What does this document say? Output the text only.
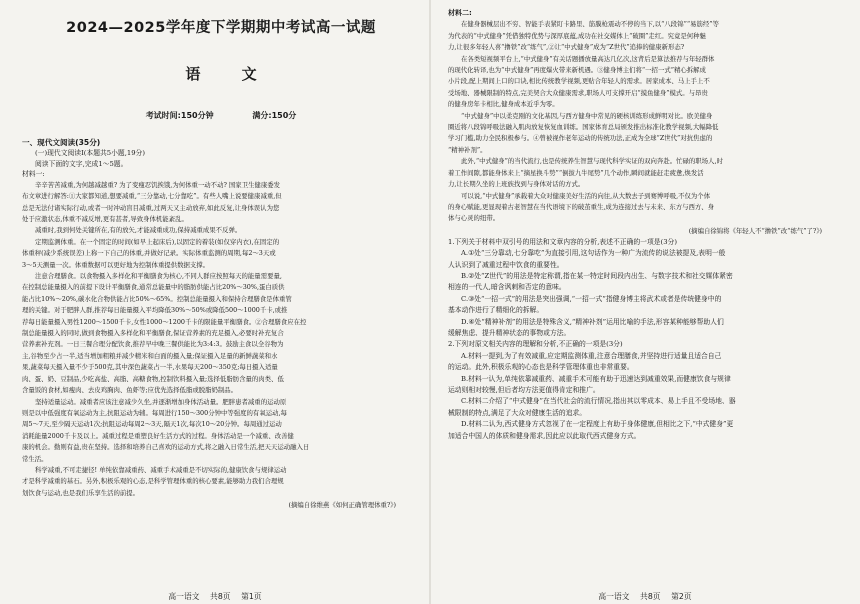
2024—2025学年度下学期期中考试高一试题
语 文
考试时间:150分钟	满分:150分
一、现代文阅读(35分)
(一)现代文阅读Ⅰ(本题共5小题,19分)
阅读下面的文字,完成1～5题。
材料一:
辛辛苦苦减重,为何越减越重? 为了变瘦忍饥挨饿,为何体重一动不动? 国家卫生健康委发
布文章进行解答:①大家都知道,想要减重,“三分靠动,七分靠吃”。有些人嘴上说要健康减重,但
总是无法付诸实际行动,或者一时冲动盲目减重,过两天又主动放弃,如此反复,让身体误认为您
处于应激状态,体重不减反增,更有甚者,导致身体机能紊乱。
减重时,我到何处关键所在,有的放矢,才能减重成功,保持减重成果不反弹。
定期监测体重。在一个固定的时间(如早上起床后),以固定的着装(如仅穿内衣),在固定的
体重秤(减少系统误差)上称一下自己的体重,并做好记录。实际体重监测的周期,每2～3天或
3～5天测量一次。体重数据可以更好地为控制体重提供数据支撑。
注意合理膳食。以食物摄入多样化和平衡膳食为核心,不同人群应按照每天的能量需要量,
在控制总能量摄入的前提下设计平衡膳食,通常总能量中的脂肪供能占比20%～30%,蛋白质供
能占比10%～20%,碳水化合物供能占比50%～65%。控制总能量摄入和保持合理膳食是体重管
理的关键。对于肥胖人群,推荐每日能量摄入平均降低30%～50%或降低500～1000千卡,或推
荐每日能量摄入男性1200～1500千卡,女性1000～1200千卡的限能量平衡膳食。②合理膳食应在控
制总能量摄入的同时,做到食物摄入多样化和平衡膳食,保证营养素的充足摄入,必要时补充复合
营养素补充剂。一日三餐合理分配饮食,推荐早中晚三餐供能比为3:4:3。鼓励主食以全谷物为
主,谷物至少占一半,适当增加粗粮并减少精米和白面的摄入量;保证摄入足量的新鲜蔬菜和水
果,蔬菜每天摄入量不少于500克,其中深色蔬菜占一半,水果每天200～350克;每日摄入适量
肉、蛋、奶、豆制品,少吃高盐、高脂、高糖食物,控制饮料摄入量;选择低脂肪含量的肉类、低
含量饭的食材,如瘦肉、去皮鸡胸肉、鱼虾等;应优先选择低脂或脱脂奶制品。
坚持适量运动。减重者应该注意减少久坐,并逐渐增加身体活动量。肥胖患者减重的运动原
则是以中低强度有氧运动为主,抗阻运动为辅。每周进行150～300分钟中等强度的有氧运动,每
周5～7天,至少隔天运动1次;抗阻运动每周2～3天,隔天1次,每次10～20分钟。每周通过运动
消耗能量2000千卡及以上。减重过程是重塑良好生活方式的过程。身体活动是一个减重、改善健
康的机会。勤则有益,贵在坚持。选择和培养自己喜欢的运动方式,将之融入日常生活,把天天运动融入日
常生活。
科学减重,不可走捷径! 单纯依靠减重药、减重手术减重是不切实际的,健康饮食与规律运动
才是科学减重的基石。另外,积极乐观的心态,是科学管理体重的核心要素,能够助力我们合理规
划饮食与运动,也是我们乐享生活的前提。
(摘编自徐维燕《如何正确管理体重?》)
高一语文 共8页 第1页
材料二:
在健身器械层出不穷、智能手表紧盯卡路里、筋膜枪震动不停的当下,以“八段锦”“易筋经”等
为代表的“中式健身”凭借独特优势与深厚底蕴,成功在社交媒体上“破圈”走红。究竟是何种魅
力,让很多年轻人喜“撸铁”改“练气”,②让“中式健身”成为“Z世代”追捧的健康新形态?
在各类短视频平台上,“中式健身”有关话题播放量高达几亿次,这背后是算法推荐与年轻群体
的现代化转译,也为“中式健身”再度爆火带来新机遇。③健身博主们将“一招一式”精心拆解成
小片段,配上期间上口的口诀,相比传统教学视频,更贴合年轻人的需求。居家成本、马上手上不
受场地、器械限制的特点,完美契合大众健康需求,职场人可支撑开启“摸鱼健身”模式。与昂贵
的健身房年卡相比,健身成本近乎为零。
“中式健身”中以柔克刚的文化基因,与西方健身中常见的硬核训练形成鲜明对比。欧美健身
圈近将八段锦呼吸法融入肌肉放复恢复血训练。国家体育总局颁发推出标准化教学视频,大幅降低
学习门槛,助力全民积极参与。④曾被视作老年运动的传统功法,正成为全球“Z世代”对抗焦虑的
“精神补剂”。
此外,“中式健身”的当代流行,也是传统养生智慧与现代科学实证的双向奔赴。忙碌的职场人,时
着工作间隙,都能身体来上“摘星换斗势”“倒拔九牛尾势”几个动作,瞬间就能赶走疲惫,焕发活
力,让长期久坐的上班族找到与身体对话的方式。
可以说,“中式健身”承载着大众对健康美好生活的向往,从大数去子到赛博呼吸,不仅为个体
的身心赋能,更显现着古老智慧在当代语境下的破茧重生,成为连接过去与未来、东方与西方、身
体与心灵的纽带。
(摘编自徐锦将《年轻人不“撸铁”改“练气”了?》)
1.下列关于材料中双引号的用法和文章内容的分析,表述不正确的一项是(3分)
A.①处“三分靠动,七分靠吃”为直接引用,这句话作为一种广为流传的说法被提及,表明一般
人认识到了减重过程中饮食的重要性。
B.②处“Z世代”的用法是特定称谓,指在某一特定时间段内出生、与数字技术和社交媒体紧密
相连的一代人,暗含讽刺和否定的意味。
C.③处“一招一式”的用法是突出强调,“一招一式”指健身博主将武术或者是传统健身中的
基本动作进行了精细化的拆解。
D.④处“精神补剂”的用法是特殊含义,“精神补剂”运用比喻的手法,形容某种能够帮助人们
缓解焦虑、提升精神状态的事物或方法。
2.下列对原文相关内容的理解和分析,不正确的一项是(3分)
A.材料一提到,为了有效减重,应定期监测体重,注意合理膳食,并坚持进行适量且适合自己
的运动。此外,积极乐观的心态也是科学管理体重也非常重要。
B.材料一认为,单纯依靠减重药、减重手术可能有助于迅速达到减重效果,而健康饮食与规律
运动则相对较慢,但后者均方法更值得肯定和推广。
C.材料二介绍了“中式健身”在当代社会的流行情况,指出其以零成本、易上手且不受场地、器
械限制的特点,满足了大众对健康生活的追求。
D.材料二认为,西式健身方式忽视了在一定程度上有助于身体健康,但相比之下,“中式健身”更
加适合中国人的体质和健身需求,因此应以此取代西式健身方式。
高一语文 共8页 第2页
